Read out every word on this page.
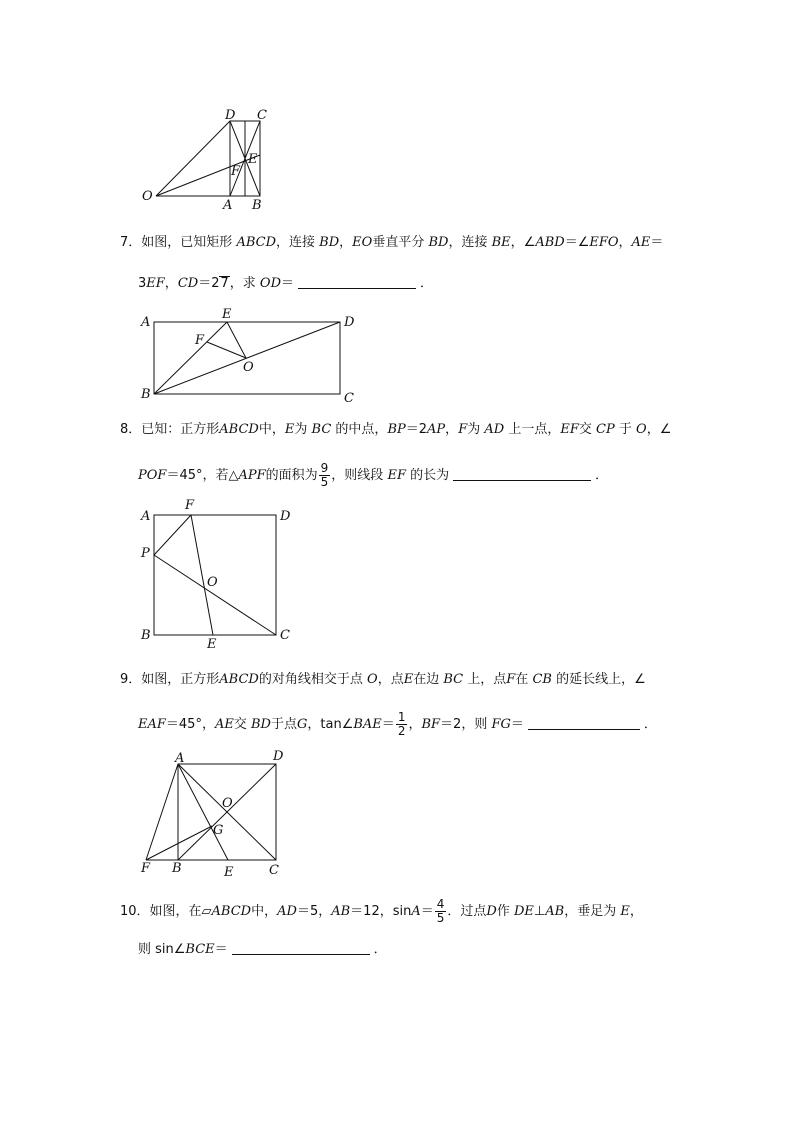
O
A B
D C
E
F
7．如图，已知矩形 ABCD，连接 BD，EO垂直平分 BD，连接 BE，∠ABD＝∠EFO，AE＝
3EF，CD＝27，求 OD＝	．
A
B	C
D
E
F
O
8．已知：正方形ABCD中，E为 BC 的中点，BP＝2AP，F为 AD 上一点，EF交 CP 于 O，∠
POF＝45°，若△APF的面积为 $\frac{9}{5}$ ，则线段 EF 的长为	．
A	D
F
P
O
B
E
C
9．如图，正方形ABCD的对角线相交于点 O，点E在边 BC 上，点F在 CB 的延长线上，∠
EAF＝45°，AE交 BD于点G，tan∠BAE＝ $\frac{1}{2}$ ，BF＝2，则 FG＝	．
A	D
O
G
F B	E	C
10．如图，在▱ABCD中，AD＝5，AB＝12，$\sin A= \frac{4}{5}$ ．过点D作 DE⊥AB，垂足为 E，
则 sin∠BCE＝	．
